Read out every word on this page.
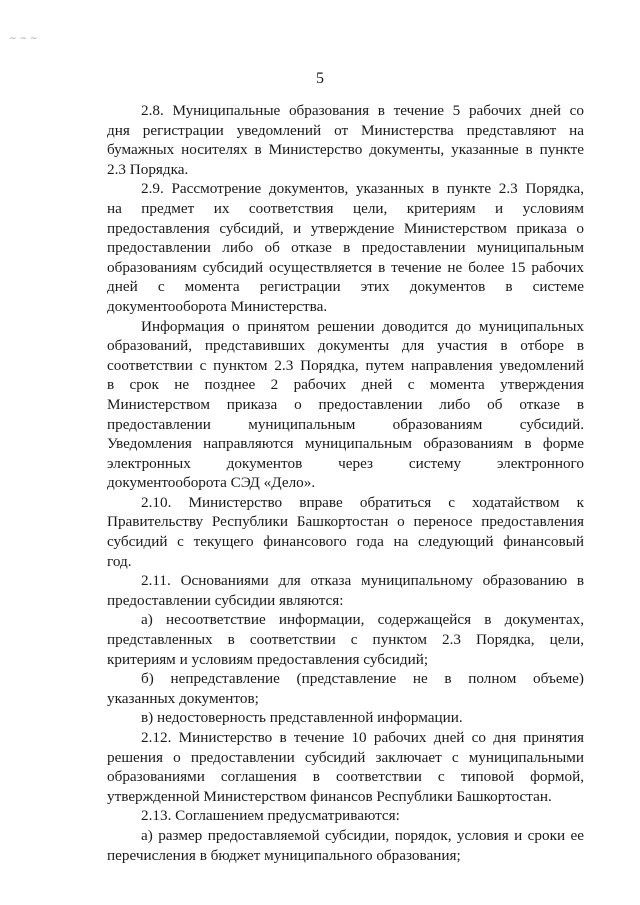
~ ~ ~
5

2.8. Муниципальные образования в течение 5 рабочих дней со
дня регистрации уведомлений от Министерства представляют на
бумажных носителях в Министерство документы, указанные в пункте
2.3 Порядка.

2.9. Рассмотрение документов, указанных в пункте 2.3 Порядка,
на предмет их соответствия цели, критериям и условиям
предоставления субсидий, и утверждение Министерством приказа о
предоставлении либо об отказе в предоставлении муниципальным
образованиям субсидий осуществляется в течение не более 15 рабочих
дней с момента регистрации этих документов в системе
документооборота Министерства.

Информация о принятом решении доводится до муниципальных
образований, представивших документы для участия в отборе в
соответствии с пунктом 2.3 Порядка, путем направления уведомлений
в срок не позднее 2 рабочих дней с момента утверждения
Министерством приказа о предоставлении либо об отказе в
предоставлении муниципальным образованиям субсидий.
Уведомления направляются муниципальным образованиям в форме
электронных документов через систему электронного
документооборота СЭД «Дело».

2.10. Министерство вправе обратиться с ходатайством к
Правительству Республики Башкортостан о переносе предоставления
субсидий с текущего финансового года на следующий финансовый
год.

2.11. Основаниями для отказа муниципальному образованию в
предоставлении субсидии являются:

а) несоответствие информации, содержащейся в документах,
представленных в соответствии с пунктом 2.3 Порядка, цели,
критериям и условиям предоставления субсидий;

б) непредставление (представление не в полном объеме)
указанных документов;

в) недостоверность представленной информации.

2.12. Министерство в течение 10 рабочих дней со дня принятия
решения о предоставлении субсидий заключает с муниципальными
образованиями соглашения в соответствии с типовой формой,
утвержденной Министерством финансов Республики Башкортостан.

2.13. Соглашением предусматриваются:

а) размер предоставляемой субсидии, порядок, условия и сроки ее
перечисления в бюджет муниципального образования;
